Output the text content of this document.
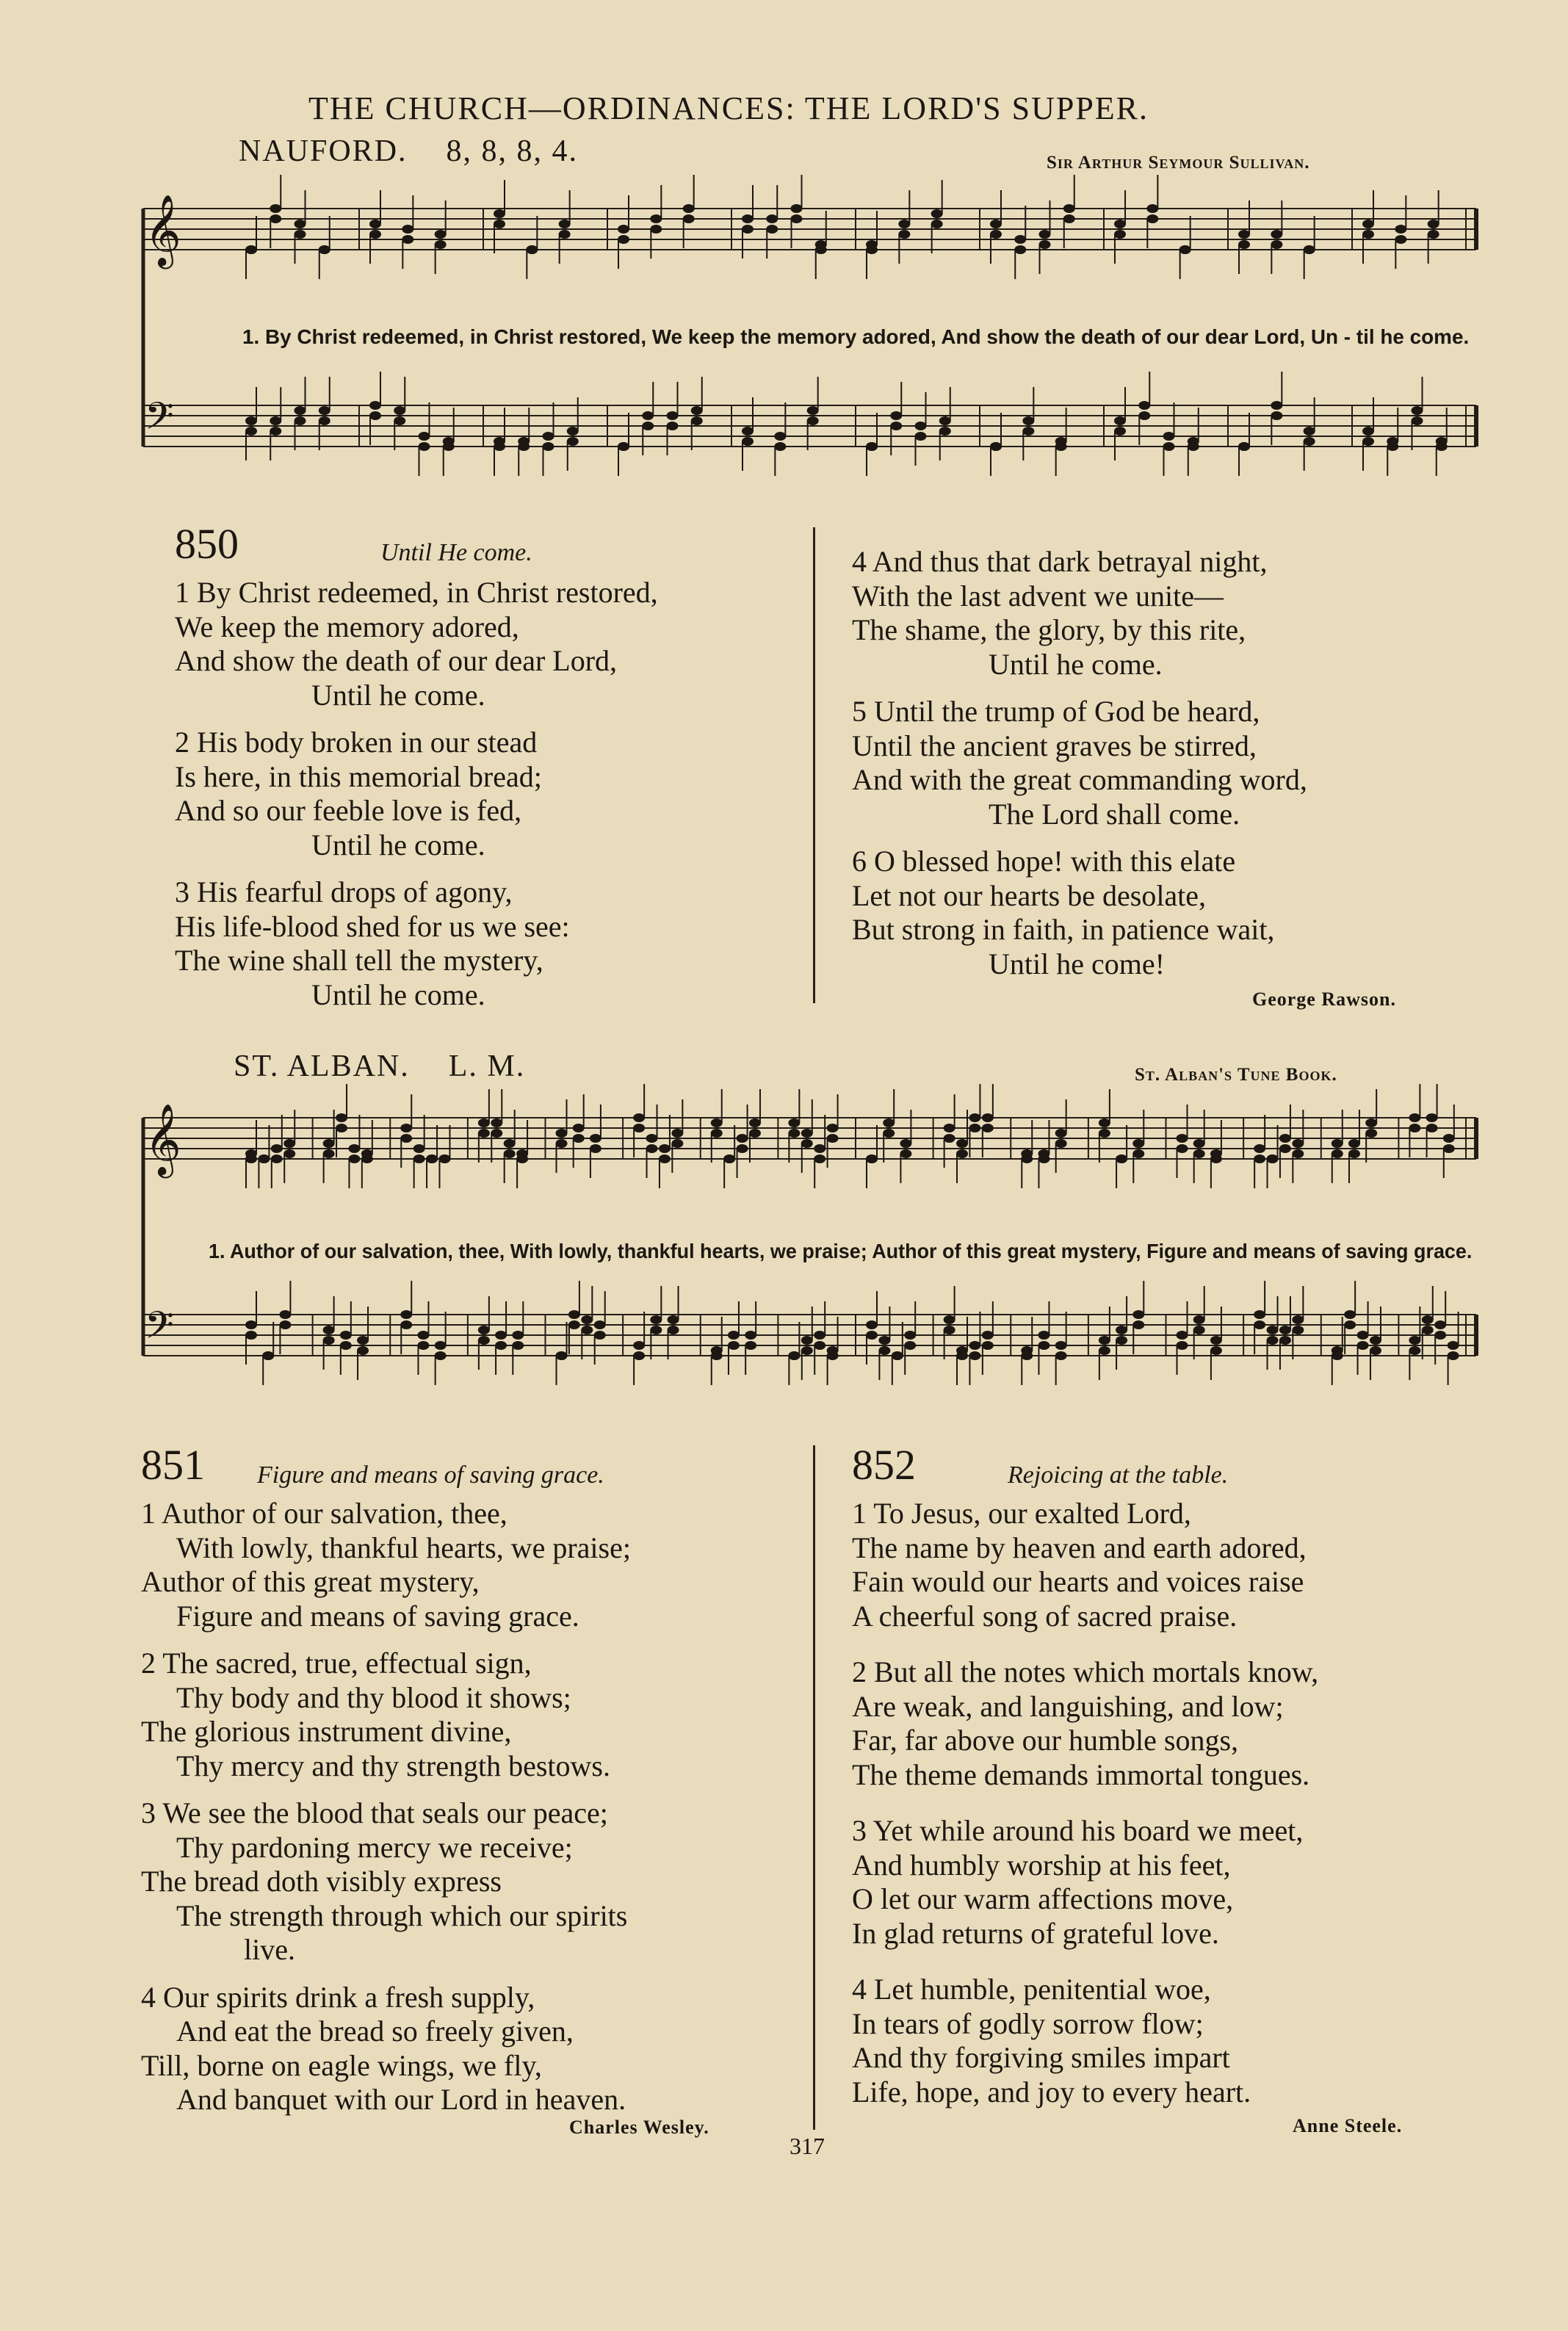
THE CHURCH—ORDINANCES: THE LORD'S SUPPER.
NAUFORD. 8, 8, 8, 4.	Sir Arthur Seymour Sullivan.
𝄞
𝄢
1. By Christ redeemed, in Christ restored, We keep the memory adored, And show the death of our dear Lord, Un - til he come.
850	Until He come.

1 By Christ redeemed, in Christ restored,

We keep the memory adored,

And show the death of our dear Lord,

Until he come.

2 His body broken in our stead

Is here, in this memorial bread;

And so our feeble love is fed,

Until he come.

3 His fearful drops of agony,

His life-blood shed for us we see:

The wine shall tell the mystery,

Until he come.

4 And thus that dark betrayal night,

With the last advent we unite—

The shame, the glory, by this rite,

Until he come.

5 Until the trump of God be heard,

Until the ancient graves be stirred,

And with the great commanding word,

The Lord shall come.

6 O blessed hope! with this elate

Let not our hearts be desolate,

But strong in faith, in patience wait,

Until he come!

George Rawson.
ST. ALBAN. L. M.	St. Alban's Tune Book.
𝄞
𝄢
1. Author of our salvation, thee, With lowly, thankful hearts, we praise; Author of this great mystery, Figure and means of saving grace.
851 Figure and means of saving grace.

1 Author of our salvation, thee,

With lowly, thankful hearts, we praise;

Author of this great mystery,

Figure and means of saving grace.

2 The sacred, true, effectual sign,

Thy body and thy blood it shows;

The glorious instrument divine,

Thy mercy and thy strength bestows.

3 We see the blood that seals our peace;

Thy pardoning mercy we receive;

The bread doth visibly express

The strength through which our spirits

live.

4 Our spirits drink a fresh supply,

And eat the bread so freely given,

Till, borne on eagle wings, we fly,

And banquet with our Lord in heaven.

Charles Wesley.
852	Rejoicing at the table.

1 To Jesus, our exalted Lord,

The name by heaven and earth adored,

Fain would our hearts and voices raise

A cheerful song of sacred praise.

2 But all the notes which mortals know,

Are weak, and languishing, and low;

Far, far above our humble songs,

The theme demands immortal tongues.

3 Yet while around his board we meet,

And humbly worship at his feet,

O let our warm affections move,

In glad returns of grateful love.

4 Let humble, penitential woe,

In tears of godly sorrow flow;

And thy forgiving smiles impart

Life, hope, and joy to every heart.

Anne Steele.
317
